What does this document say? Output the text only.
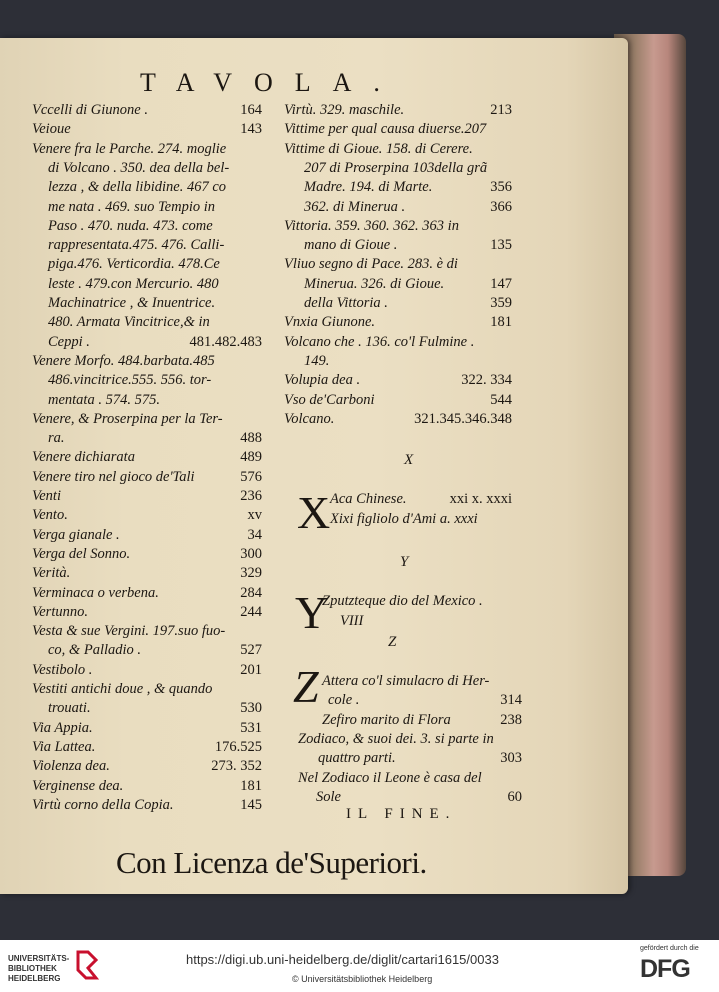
TAVOLA.
Vccelli di Giunone .	164
Veioue	143
Venere fra le Parche. 274. moglie
di Volcano . 350. dea della bel-
lezza , & della libidine. 467 co
me nata . 469. suo Tempio in
Paso . 470. nuda. 473. come
rappresentata.475. 476. Calli-
piga.476. Verticordia. 478.Ce
leste . 479.con Mercurio. 480
Machinatrice , & Inuentrice.
480. Armata Vincitrice,& in
Ceppi .	481.482.483
Venere Morfo. 484.barbata.485
486.vincitrice.555. 556. tor-
mentata . 574. 575.
Venere, & Proserpina per la Ter-
ra.	488
Venere dichiarata	489
Venere tiro nel gioco de'Tali	576
Venti	236
Vento.	xv
Verga gianale .	34
Verga del Sonno.	300
Verità.	329
Verminaca o verbena.	284
Vertunno.	244
Vesta & sue Vergini. 197.suo fuo-
co, & Palladio .	527
Vestibolo .	201
Vestiti antichi doue , & quando
trouati.	530
Via Appia.	531
Via Lattea.	176.525
Violenza dea.	273. 352
Verginense dea.	181
Virtù corno della Copia.	145
Virtù. 329. maschile.	213
Vittime per qual causa diuerse.207
Vittime di Gioue. 158. di Cerere.
207 di Proserpina 103della grã
Madre. 194. di Marte.	356
362. di Minerua .	366
Vittoria. 359. 360. 362. 363 in
mano di Gioue .	135
Vliuo segno di Pace. 283. è di
Minerua. 326. di Gioue.	147
della Vittoria .	359
Vnxia Giunone.	181
Volcano che . 136. co'l Fulmine .
149.
Volupia dea .	322. 334
Vso de'Carboni	544
Volcano.	321.345.346.348
X
X Aca Chinese.	xxi x. xxxi
Xixi figliolo d'Ami a. xxxi
Y
Y
Zputzteque dio del Mexico .
VIII
Z
Z Attera co'l simulacro di Her-
cole .	314
Zefiro marito di Flora	238
Zodiaco, & suoi dei. 3. si parte in
quattro parti.	303
Nel Zodiaco il Leone è casa del
Sole	60
IL FINE.
Con Licenza de'Superiori.
UNIVERSITÄTS-
BIBLIOTHEK
HEIDELBERG
https://digi.ub.uni-heidelberg.de/diglit/cartari1615/0033
© Universitätsbibliothek Heidelberg
gefördert durch die
DFG
